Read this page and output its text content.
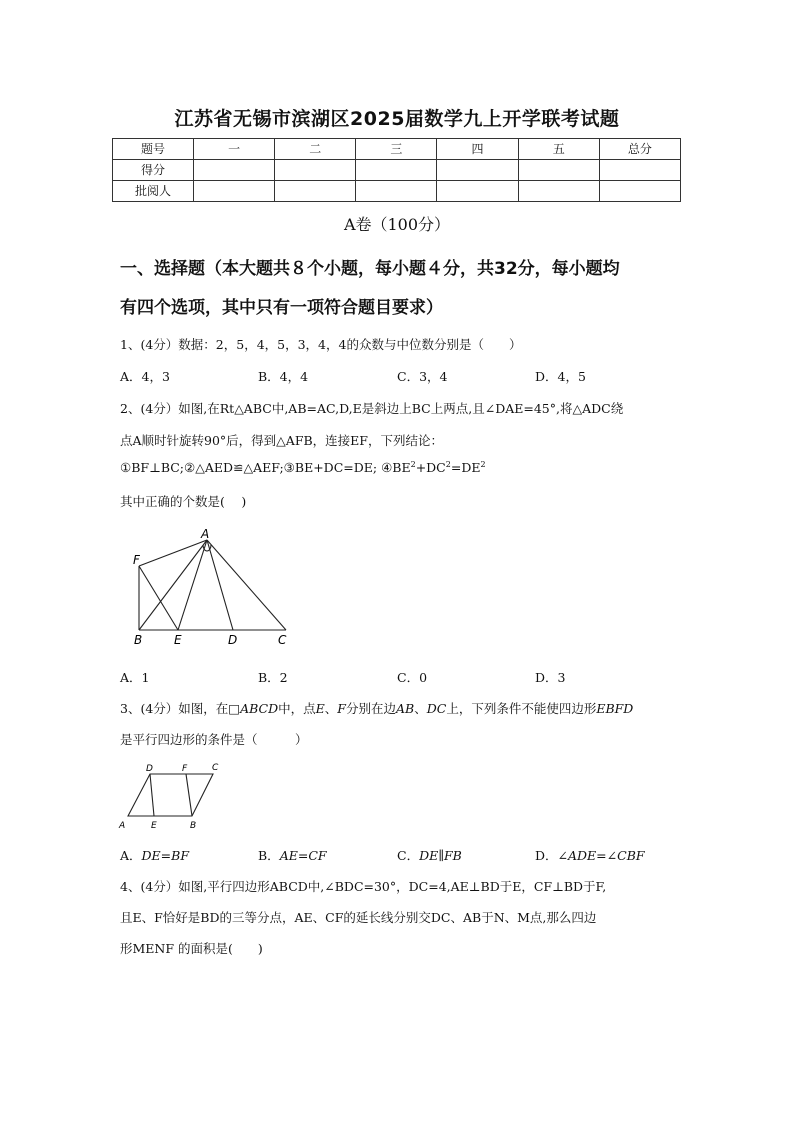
江苏省无锡市滨湖区2025届数学九上开学联考试题
题号	一	二	三	四	五	总分
得分						
批阅人						
A卷（100分）
一、选择题（本大题共８个小题，每小题４分，共32分，每小题均
有四个选项，其中只有一项符合题目要求）
1、(4分）数据：2，5，4，5，3，4，4的众数与中位数分别是（　　）
A．4，3	B．4，4	C．3，4	D．4，5
2、(4分）如图,在Rt△ABC中,AB=AC,D,E是斜边上BC上两点,且∠DAE=45°,将△ADC绕
点A顺时针旋转90°后，得到△AFB，连接EF，下列结论：
①BF⊥BC;②△AED≌△AEF;③BE+DC=DE; $④BE^2+DC^2=DE^2$
其中正确的个数是(　 )
A
F
B	E	D	C
A．1	B．2	C．0	D．3
3、(4分）如图，在□ABCD中，点E、F分别在边AB、DC上，下列条件不能使四边形EBFD
是平行四边形的条件是（　　　）
D	F	C
A	E	B
A．DE=BF	B．AE=CF	C．DE∥FB	D．∠ADE=∠CBF
4、(4分）如图,平行四边形ABCD中,∠BDC=30°，DC=4,AE⊥BD于E，CF⊥BD于F,
且E、F恰好是BD的三等分点，AE、CF的延长线分别交DC、AB于N、M点,那么四边
形MENF 的面积是(　　)
